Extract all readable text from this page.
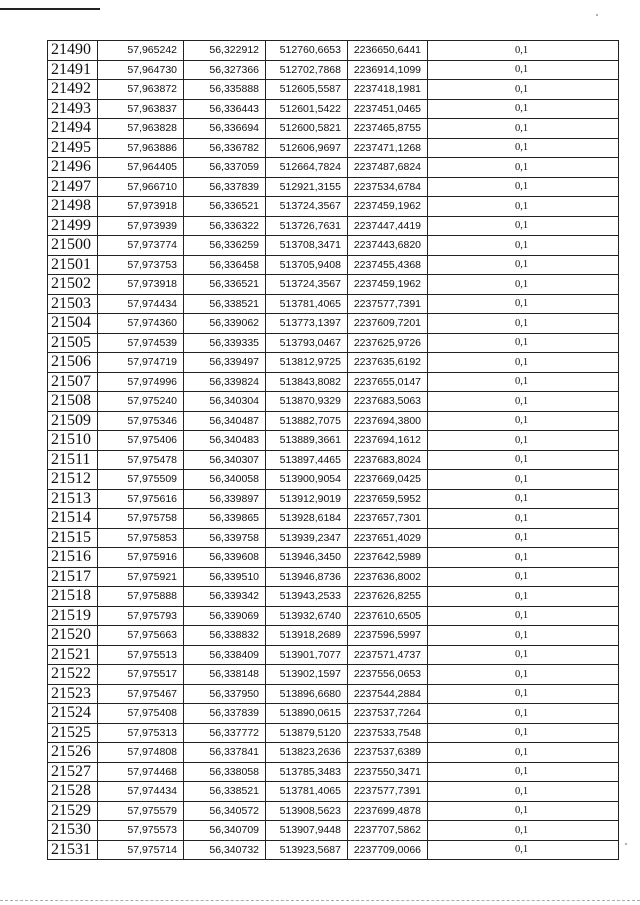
21490	57,965242	56,322912	512760,6653	2236650,6441	0,1
21491	57,964730	56,327366	512702,7868	2236914,1099	0,1
21492	57,963872	56,335888	512605,5587	2237418,1981	0,1
21493	57,963837	56,336443	512601,5422	2237451,0465	0,1
21494	57,963828	56,336694	512600,5821	2237465,8755	0,1
21495	57,963886	56,336782	512606,9697	2237471,1268	0,1
21496	57,964405	56,337059	512664,7824	2237487,6824	0,1
21497	57,966710	56,337839	512921,3155	2237534,6784	0,1
21498	57,973918	56,336521	513724,3567	2237459,1962	0,1
21499	57,973939	56,336322	513726,7631	2237447,4419	0,1
21500	57,973774	56,336259	513708,3471	2237443,6820	0,1
21501	57,973753	56,336458	513705,9408	2237455,4368	0,1
21502	57,973918	56,336521	513724,3567	2237459,1962	0,1
21503	57,974434	56,338521	513781,4065	2237577,7391	0,1
21504	57,974360	56,339062	513773,1397	2237609,7201	0,1
21505	57,974539	56,339335	513793,0467	2237625,9726	0,1
21506	57,974719	56,339497	513812,9725	2237635,6192	0,1
21507	57,974996	56,339824	513843,8082	2237655,0147	0,1
21508	57,975240	56,340304	513870,9329	2237683,5063	0,1
21509	57,975346	56,340487	513882,7075	2237694,3800	0,1
21510	57,975406	56,340483	513889,3661	2237694,1612	0,1
21511	57,975478	56,340307	513897,4465	2237683,8024	0,1
21512	57,975509	56,340058	513900,9054	2237669,0425	0,1
21513	57,975616	56,339897	513912,9019	2237659,5952	0,1
21514	57,975758	56,339865	513928,6184	2237657,7301	0,1
21515	57,975853	56,339758	513939,2347	2237651,4029	0,1
21516	57,975916	56,339608	513946,3450	2237642,5989	0,1
21517	57,975921	56,339510	513946,8736	2237636,8002	0,1
21518	57,975888	56,339342	513943,2533	2237626,8255	0,1
21519	57,975793	56,339069	513932,6740	2237610,6505	0,1
21520	57,975663	56,338832	513918,2689	2237596,5997	0,1
21521	57,975513	56,338409	513901,7077	2237571,4737	0,1
21522	57,975517	56,338148	513902,1597	2237556,0653	0,1
21523	57,975467	56,337950	513896,6680	2237544,2884	0,1
21524	57,975408	56,337839	513890,0615	2237537,7264	0,1
21525	57,975313	56,337772	513879,5120	2237533,7548	0,1
21526	57,974808	56,337841	513823,2636	2237537,6389	0,1
21527	57,974468	56,338058	513785,3483	2237550,3471	0,1
21528	57,974434	56,338521	513781,4065	2237577,7391	0,1
21529	57,975579	56,340572	513908,5623	2237699,4878	0,1
21530	57,975573	56,340709	513907,9448	2237707,5862	0,1
21531	57,975714	56,340732	513923,5687	2237709,0066	0,1
